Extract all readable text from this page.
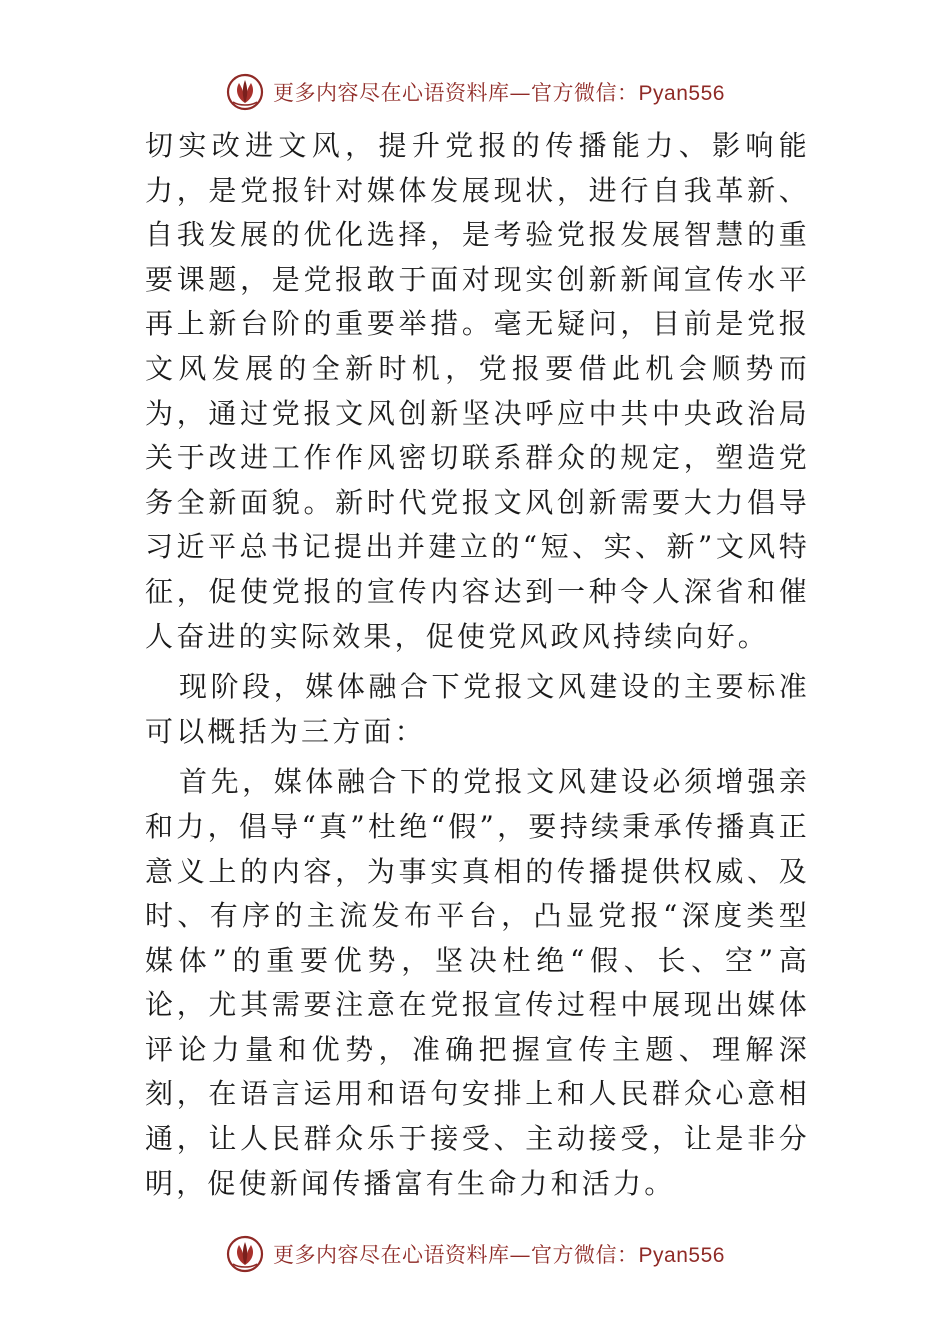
更多内容尽在心语资料库—官方微信：Pyan556

切实改进文风，提升党报的传播能力、影响能力，是党报针对媒体发展现状，进行自我革新、自我发展的优化选择，是考验党报发展智慧的重要课题，是党报敢于面对现实创新新闻宣传水平再上新台阶的重要举措。毫无疑问，目前是党报文风发展的全新时机，党报要借此机会顺势而为，通过党报文风创新坚决呼应中共中央政治局关于改进工作作风密切联系群众的规定，塑造党务全新面貌。新时代党报文风创新需要大力倡导习近平总书记提出并建立的“短、实、新”文风特征，促使党报的宣传内容达到一种令人深省和催人奋进的实际效果，促使党风政风持续向好。

现阶段，媒体融合下党报文风建设的主要标准可以概括为三方面：

首先，媒体融合下的党报文风建设必须增强亲和力，倡导“真”杜绝“假”，要持续秉承传播真正意义上的内容，为事实真相的传播提供权威、及时、有序的主流发布平台，凸显党报“深度类型媒体”的重要优势，坚决杜绝“假、长、空”高论，尤其需要注意在党报宣传过程中展现出媒体评论力量和优势，准确把握宣传主题、理解深刻，在语言运用和语句安排上和人民群众心意相通，让人民群众乐于接受、主动接受，让是非分明，促使新闻传播富有生命力和活力。

更多内容尽在心语资料库—官方微信：Pyan556
